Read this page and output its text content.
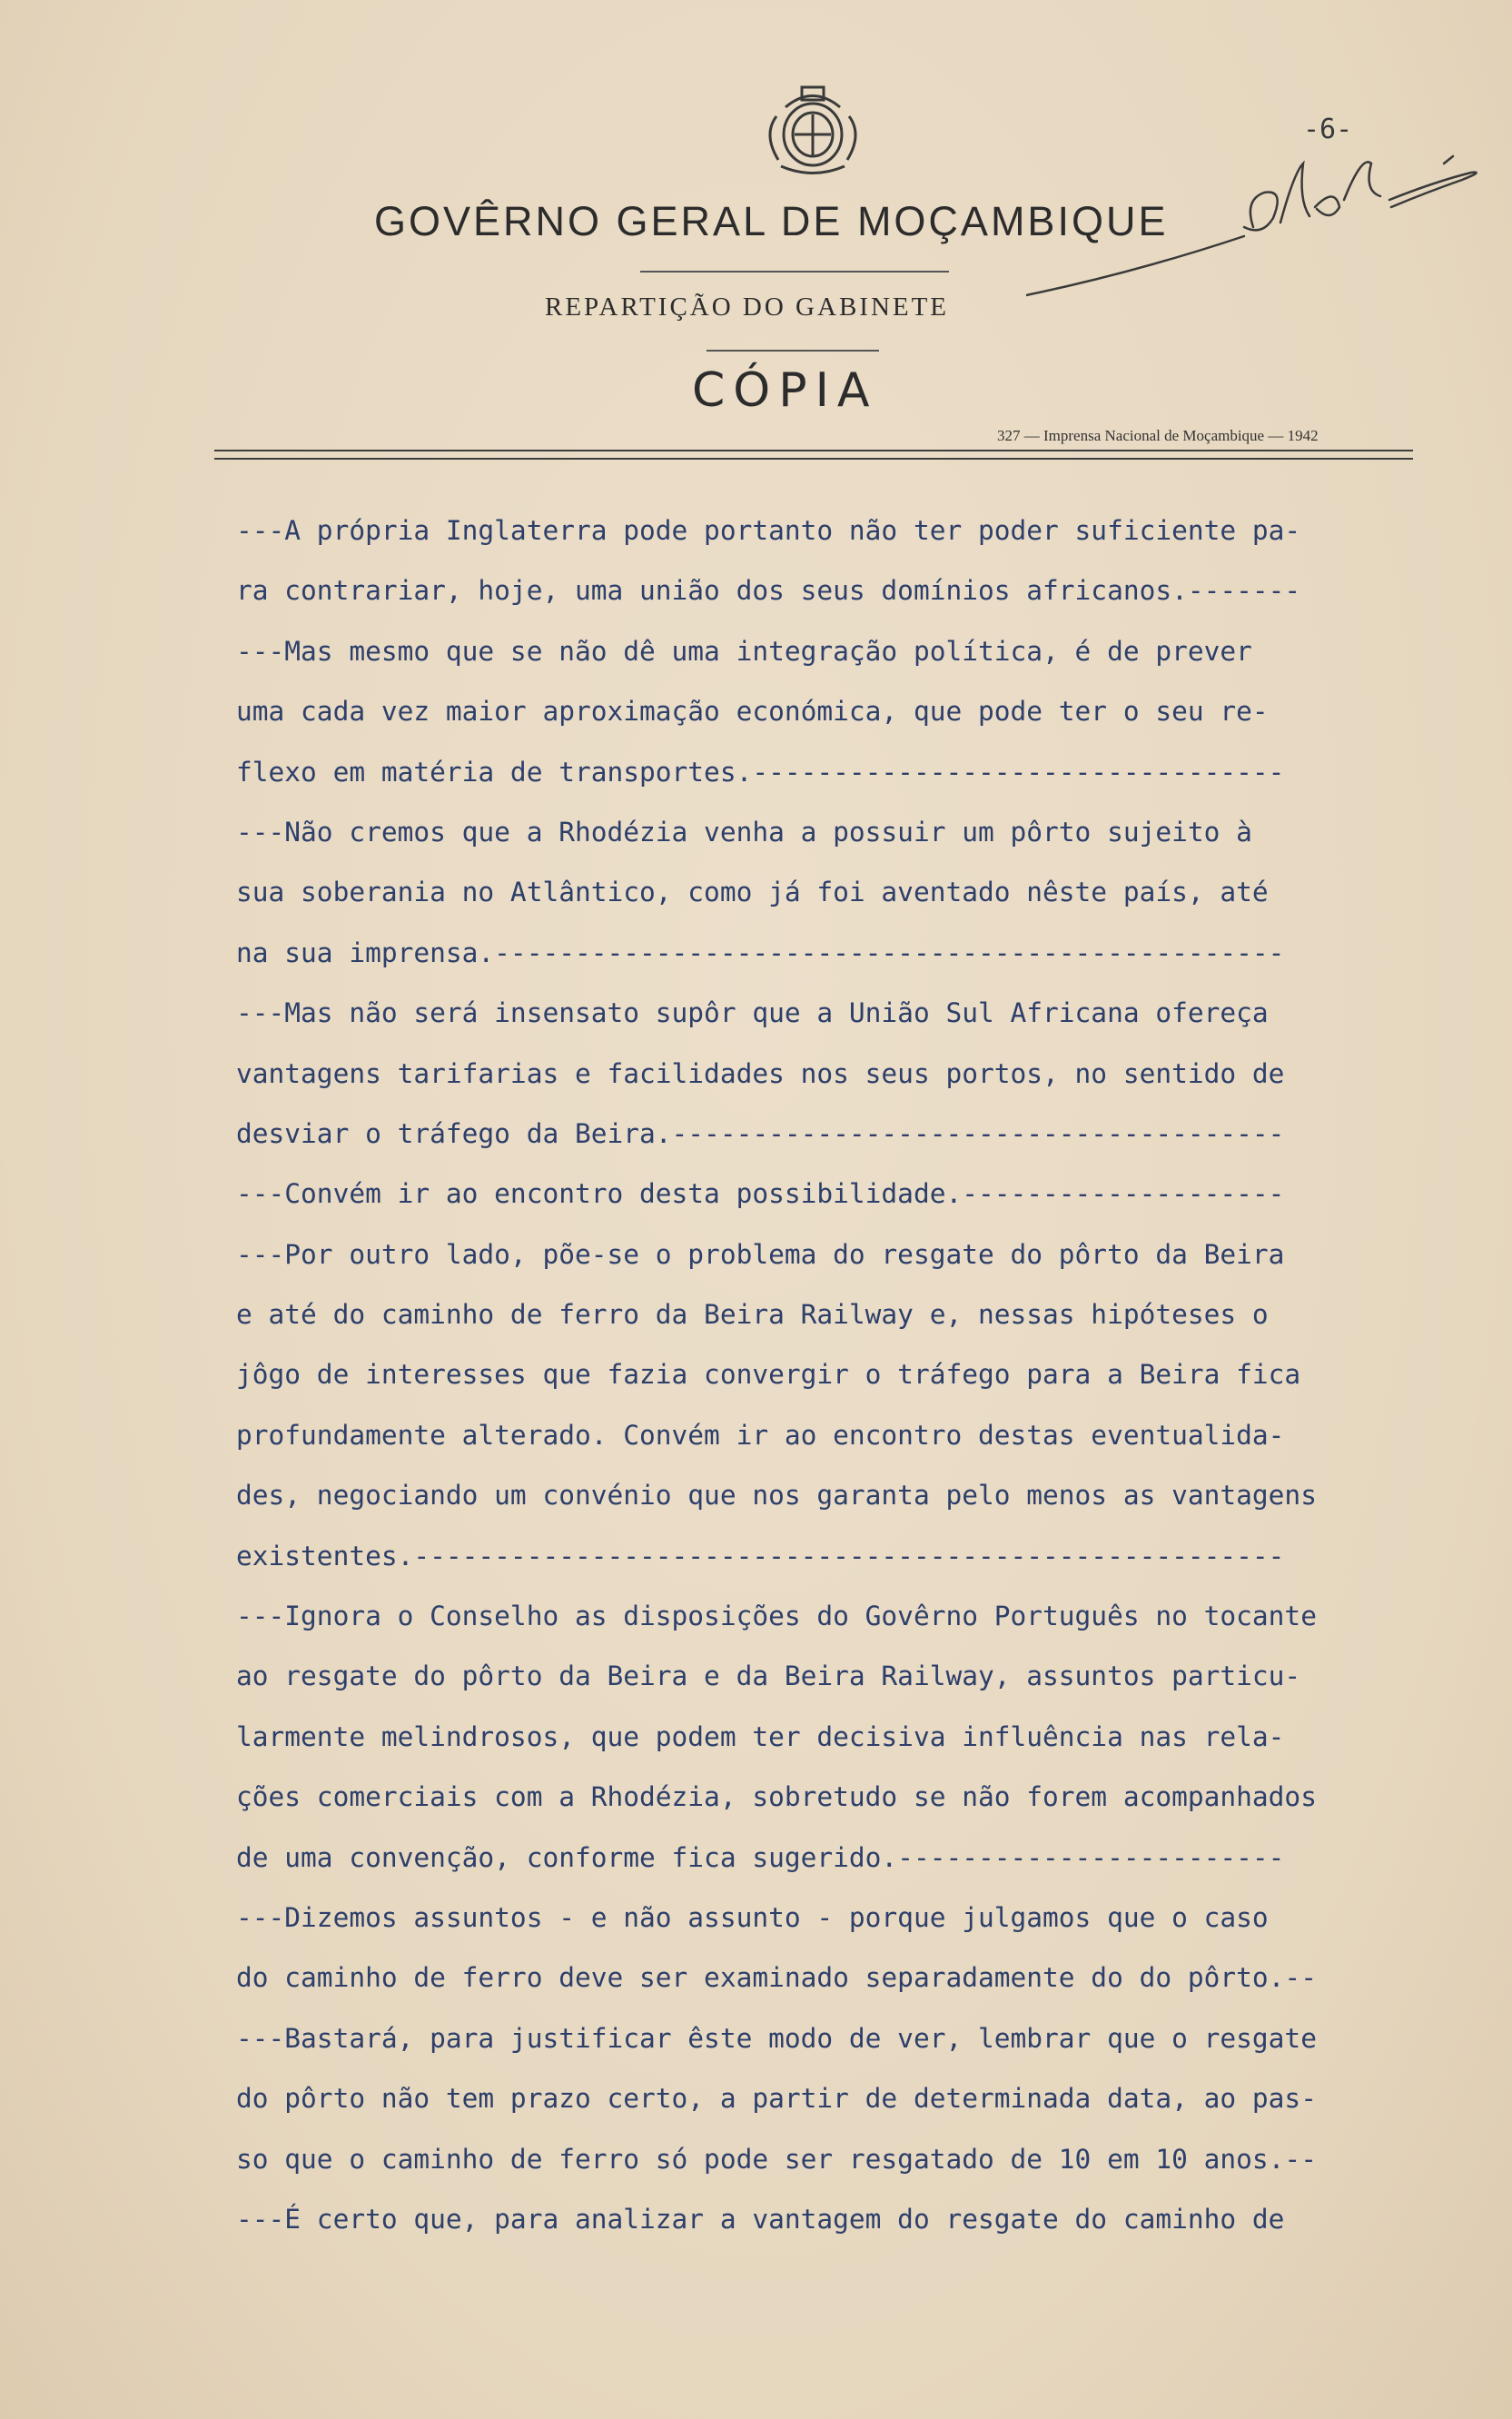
-6-
GOVÊRNO GERAL DE MOÇAMBIQUE
REPARTIÇÃO DO GABINETE
CÓPIA
327 — Imprensa Nacional de Moçambique — 1942
---A própria Inglaterra pode portanto não ter poder suficiente pa-
ra contrariar, hoje, uma união dos seus domínios africanos.-------
---Mas mesmo que se não dê uma integração política, é de prever
uma cada vez maior aproximação económica, que pode ter o seu re-
flexo em matéria de transportes.---------------------------------
---Não cremos que a Rhodézia venha a possuir um pôrto sujeito à
sua soberania no Atlântico, como já foi aventado nêste país, até
na sua imprensa.-------------------------------------------------
---Mas não será insensato supôr que a União Sul Africana ofereça
vantagens tarifarias e facilidades nos seus portos, no sentido de
desviar o tráfego da Beira.--------------------------------------
---Convém ir ao encontro desta possibilidade.--------------------
---Por outro lado, põe-se o problema do resgate do pôrto da Beira
e até do caminho de ferro da Beira Railway e, nessas hipóteses o
jôgo de interesses que fazia convergir o tráfego para a Beira fica
profundamente alterado. Convém ir ao encontro destas eventualida-
des, negociando um convénio que nos garanta pelo menos as vantagens
existentes.------------------------------------------------------
---Ignora o Conselho as disposições do Govêrno Português no tocante
ao resgate do pôrto da Beira e da Beira Railway, assuntos particu-
larmente melindrosos, que podem ter decisiva influência nas rela-
ções comerciais com a Rhodézia, sobretudo se não forem acompanhados
de uma convenção, conforme fica sugerido.------------------------
---Dizemos assuntos - e não assunto - porque julgamos que o caso
do caminho de ferro deve ser examinado separadamente do do pôrto.--
---Bastará, para justificar êste modo de ver, lembrar que o resgate
do pôrto não tem prazo certo, a partir de determinada data, ao pas-
so que o caminho de ferro só pode ser resgatado de 10 em 10 anos.--
---É certo que, para analizar a vantagem do resgate do caminho de
